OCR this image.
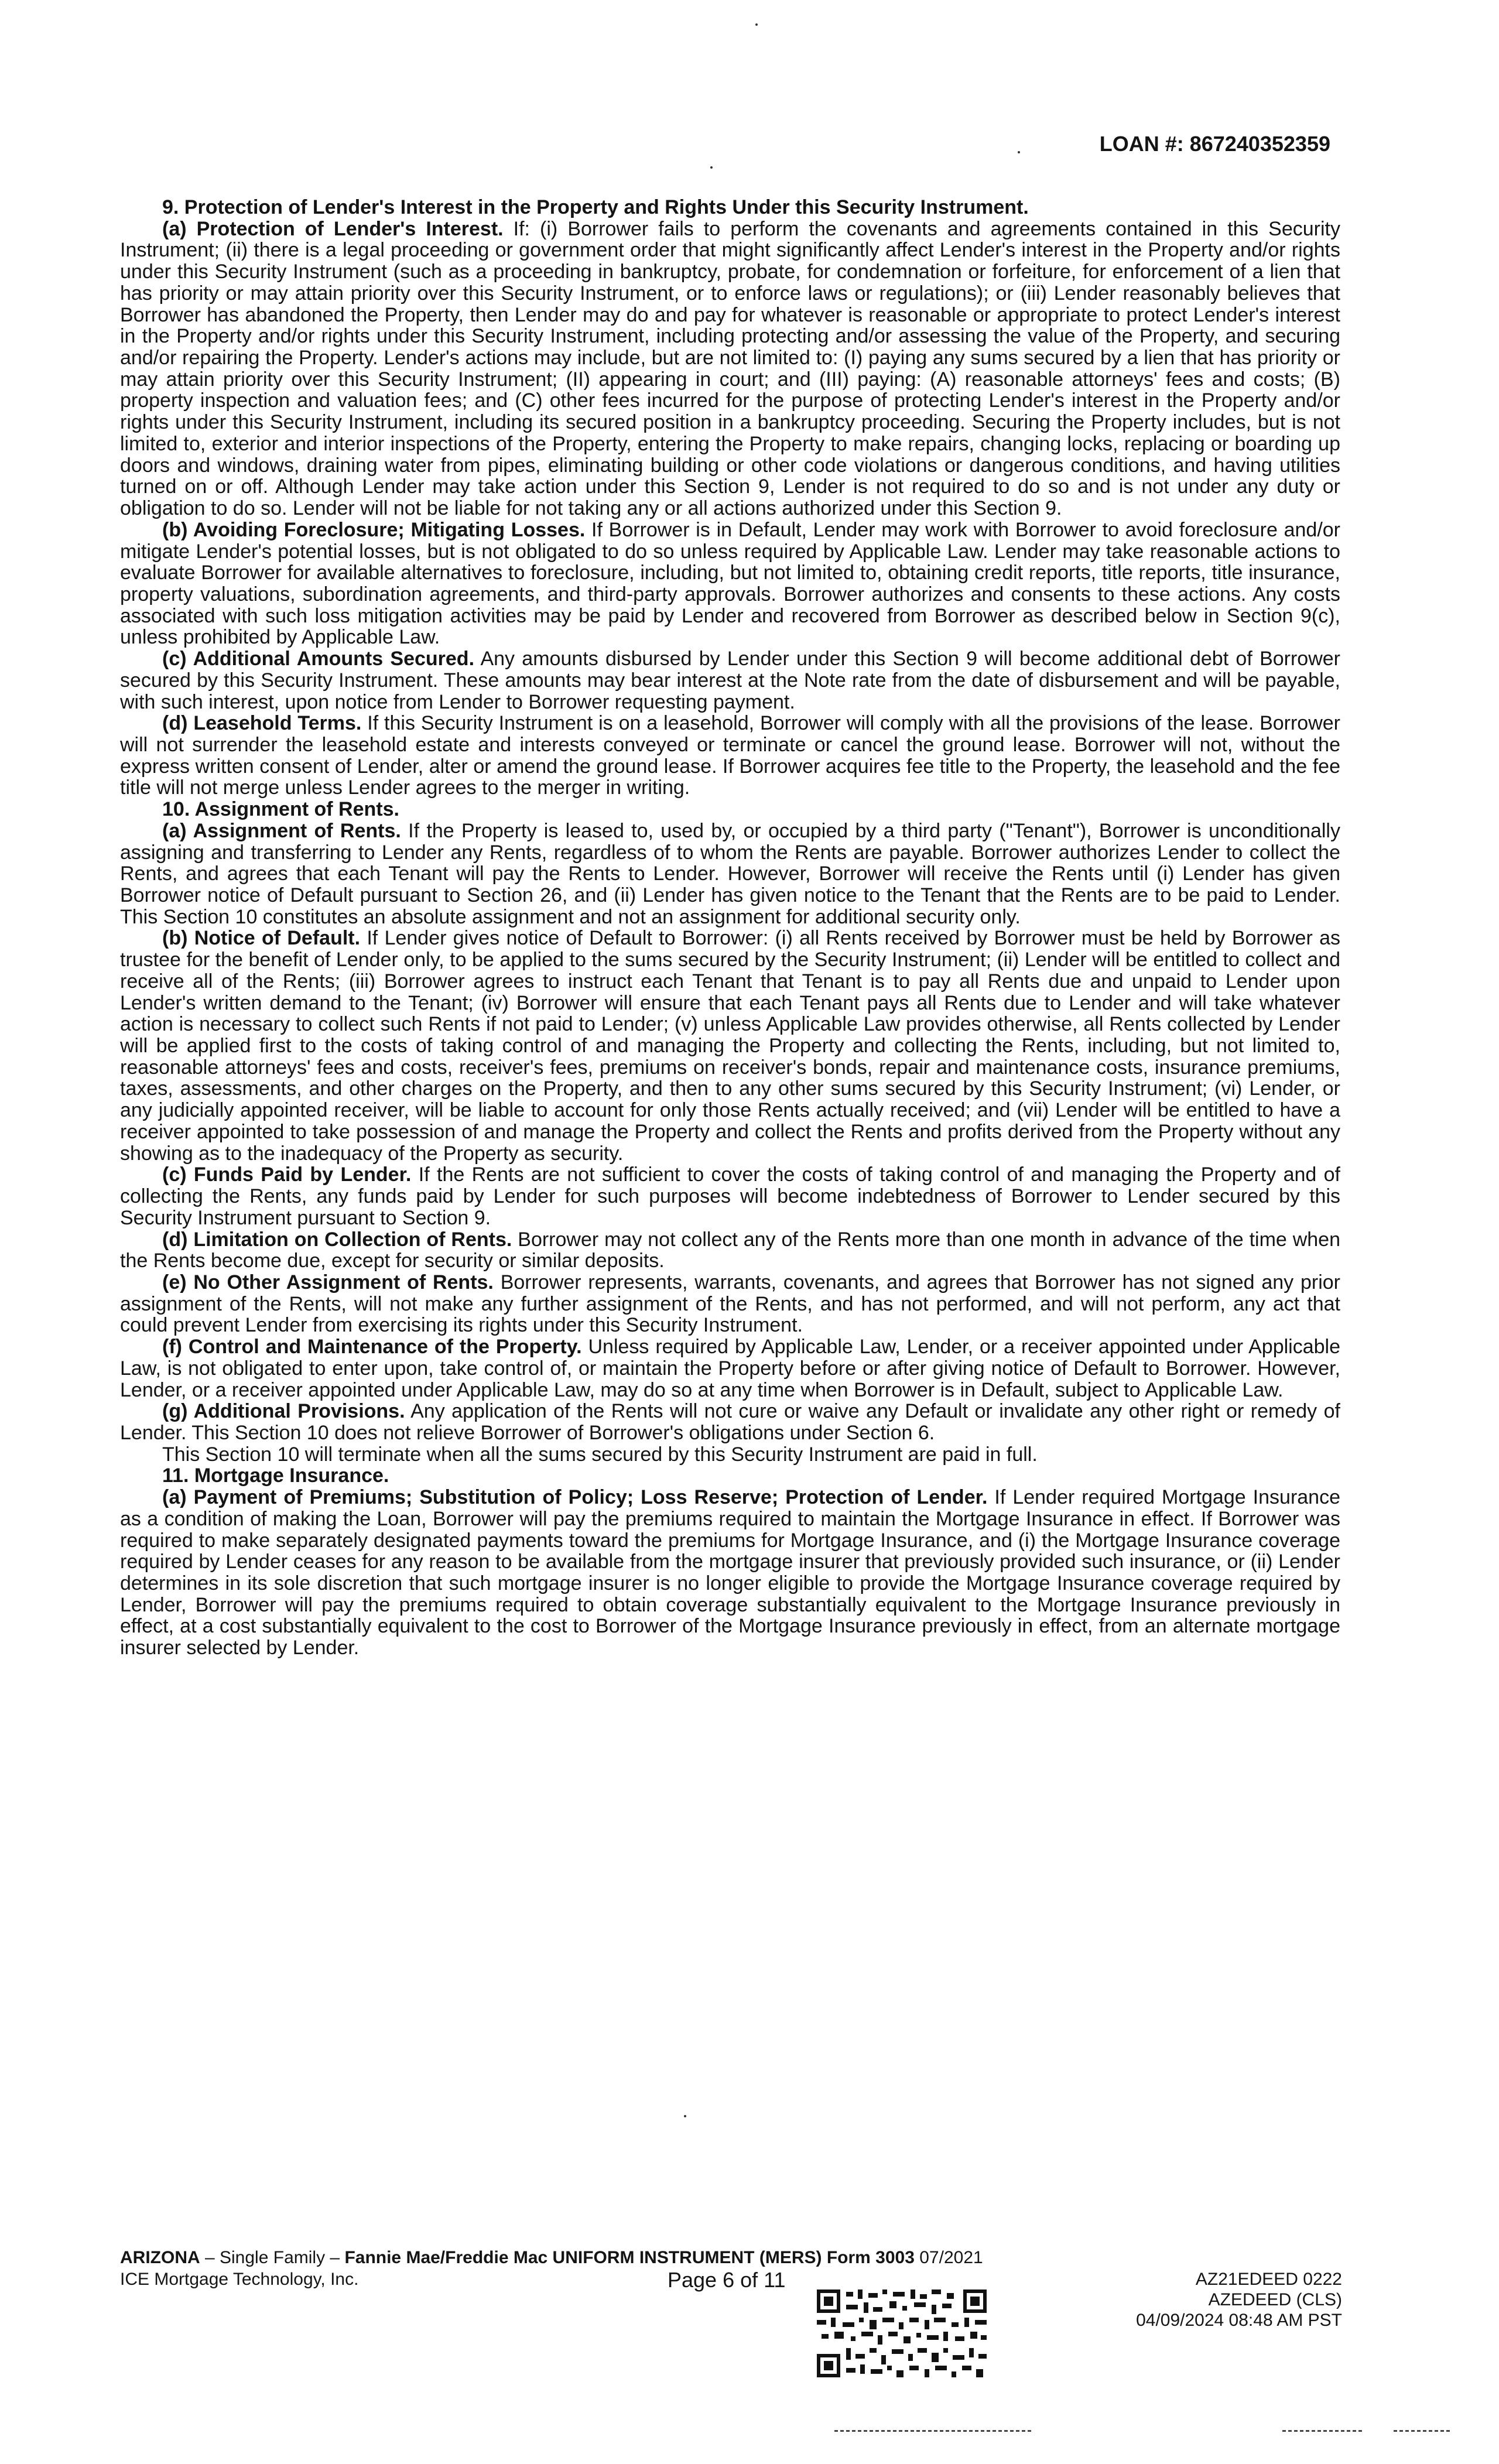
LOAN #: 867240352359

9. Protection of Lender's Interest in the Property and Rights Under this Security Instrument.

(a) Protection of Lender's Interest. If: (i) Borrower fails to perform the covenants and agreements contained in this Security Instrument; (ii) there is a legal proceeding or government order that might significantly affect Lender's interest in the Property and/or rights under this Security Instrument (such as a proceeding in bankruptcy, probate, for condemnation or forfeiture, for enforcement of a lien that has priority or may attain priority over this Security Instrument, or to enforce laws or regulations); or (iii) Lender reasonably believes that Borrower has abandoned the Property, then Lender may do and pay for whatever is reasonable or appropriate to protect Lender's interest in the Property and/or rights under this Security Instrument, including protecting and/or assessing the value of the Property, and securing and/or repairing the Property. Lender's actions may include, but are not limited to: (I) paying any sums secured by a lien that has priority or may attain priority over this Security Instrument; (II) appearing in court; and (III) paying: (A) reasonable attorneys' fees and costs; (B) property inspection and valuation fees; and (C) other fees incurred for the purpose of protecting Lender's interest in the Property and/or rights under this Security Instrument, including its secured position in a bankruptcy proceeding. Securing the Property includes, but is not limited to, exterior and interior inspections of the Property, entering the Property to make repairs, changing locks, replacing or boarding up doors and windows, draining water from pipes, eliminating building or other code violations or dangerous conditions, and having utilities turned on or off. Although Lender may take action under this Section 9, Lender is not required to do so and is not under any duty or obligation to do so. Lender will not be liable for not taking any or all actions authorized under this Section 9.

(b) Avoiding Foreclosure; Mitigating Losses. If Borrower is in Default, Lender may work with Borrower to avoid foreclosure and/or mitigate Lender's potential losses, but is not obligated to do so unless required by Applicable Law. Lender may take reasonable actions to evaluate Borrower for available alternatives to foreclosure, including, but not limited to, obtaining credit reports, title reports, title insurance, property valuations, subordination agreements, and third-party approvals. Borrower authorizes and consents to these actions. Any costs associated with such loss mitigation activities may be paid by Lender and recovered from Borrower as described below in Section 9(c), unless prohibited by Applicable Law.

(c) Additional Amounts Secured. Any amounts disbursed by Lender under this Section 9 will become additional debt of Borrower secured by this Security Instrument. These amounts may bear interest at the Note rate from the date of disbursement and will be payable, with such interest, upon notice from Lender to Borrower requesting payment.

(d) Leasehold Terms. If this Security Instrument is on a leasehold, Borrower will comply with all the provisions of the lease. Borrower will not surrender the leasehold estate and interests conveyed or terminate or cancel the ground lease. Borrower will not, without the express written consent of Lender, alter or amend the ground lease. If Borrower acquires fee title to the Property, the leasehold and the fee title will not merge unless Lender agrees to the merger in writing.

10. Assignment of Rents.

(a) Assignment of Rents. If the Property is leased to, used by, or occupied by a third party ("Tenant"), Borrower is unconditionally assigning and transferring to Lender any Rents, regardless of to whom the Rents are payable. Borrower authorizes Lender to collect the Rents, and agrees that each Tenant will pay the Rents to Lender. However, Borrower will receive the Rents until (i) Lender has given Borrower notice of Default pursuant to Section 26, and (ii) Lender has given notice to the Tenant that the Rents are to be paid to Lender. This Section 10 constitutes an absolute assignment and not an assignment for additional security only.

(b) Notice of Default. If Lender gives notice of Default to Borrower: (i) all Rents received by Borrower must be held by Borrower as trustee for the benefit of Lender only, to be applied to the sums secured by the Security Instrument; (ii) Lender will be entitled to collect and receive all of the Rents; (iii) Borrower agrees to instruct each Tenant that Tenant is to pay all Rents due and unpaid to Lender upon Lender's written demand to the Tenant; (iv) Borrower will ensure that each Tenant pays all Rents due to Lender and will take whatever action is necessary to collect such Rents if not paid to Lender; (v) unless Applicable Law provides otherwise, all Rents collected by Lender will be applied first to the costs of taking control of and managing the Property and collecting the Rents, including, but not limited to, reasonable attorneys' fees and costs, receiver's fees, premiums on receiver's bonds, repair and maintenance costs, insurance premiums, taxes, assessments, and other charges on the Property, and then to any other sums secured by this Security Instrument; (vi) Lender, or any judicially appointed receiver, will be liable to account for only those Rents actually received; and (vii) Lender will be entitled to have a receiver appointed to take possession of and manage the Property and collect the Rents and profits derived from the Property without any showing as to the inadequacy of the Property as security.

(c) Funds Paid by Lender. If the Rents are not sufficient to cover the costs of taking control of and managing the Property and of collecting the Rents, any funds paid by Lender for such purposes will become indebtedness of Borrower to Lender secured by this Security Instrument pursuant to Section 9.

(d) Limitation on Collection of Rents. Borrower may not collect any of the Rents more than one month in advance of the time when the Rents become due, except for security or similar deposits.

(e) No Other Assignment of Rents. Borrower represents, warrants, covenants, and agrees that Borrower has not signed any prior assignment of the Rents, will not make any further assignment of the Rents, and has not performed, and will not perform, any act that could prevent Lender from exercising its rights under this Security Instrument.

(f) Control and Maintenance of the Property. Unless required by Applicable Law, Lender, or a receiver appointed under Applicable Law, is not obligated to enter upon, take control of, or maintain the Property before or after giving notice of Default to Borrower. However, Lender, or a receiver appointed under Applicable Law, may do so at any time when Borrower is in Default, subject to Applicable Law.

(g) Additional Provisions. Any application of the Rents will not cure or waive any Default or invalidate any other right or remedy of Lender. This Section 10 does not relieve Borrower of Borrower's obligations under Section 6.

This Section 10 will terminate when all the sums secured by this Security Instrument are paid in full.

11. Mortgage Insurance.

(a) Payment of Premiums; Substitution of Policy; Loss Reserve; Protection of Lender. If Lender required Mortgage Insurance as a condition of making the Loan, Borrower will pay the premiums required to maintain the Mortgage Insurance in effect. If Borrower was required to make separately designated payments toward the premiums for Mortgage Insurance, and (i) the Mortgage Insurance coverage required by Lender ceases for any reason to be available from the mortgage insurer that previously provided such insurance, or (ii) Lender determines in its sole discretion that such mortgage insurer is no longer eligible to provide the Mortgage Insurance coverage required by Lender, Borrower will pay the premiums required to obtain coverage substantially equivalent to the Mortgage Insurance previously in effect, at a cost substantially equivalent to the cost to Borrower of the Mortgage Insurance previously in effect, from an alternate mortgage insurer selected by Lender.

ARIZONA – Single Family – Fannie Mae/Freddie Mac UNIFORM INSTRUMENT (MERS) Form 3003 07/2021
ICE Mortgage Technology, Inc.	Page 6 of 11	AZ21EDEED 0222
AZEDEED (CLS)
04/09/2024 08:48 AM PST
